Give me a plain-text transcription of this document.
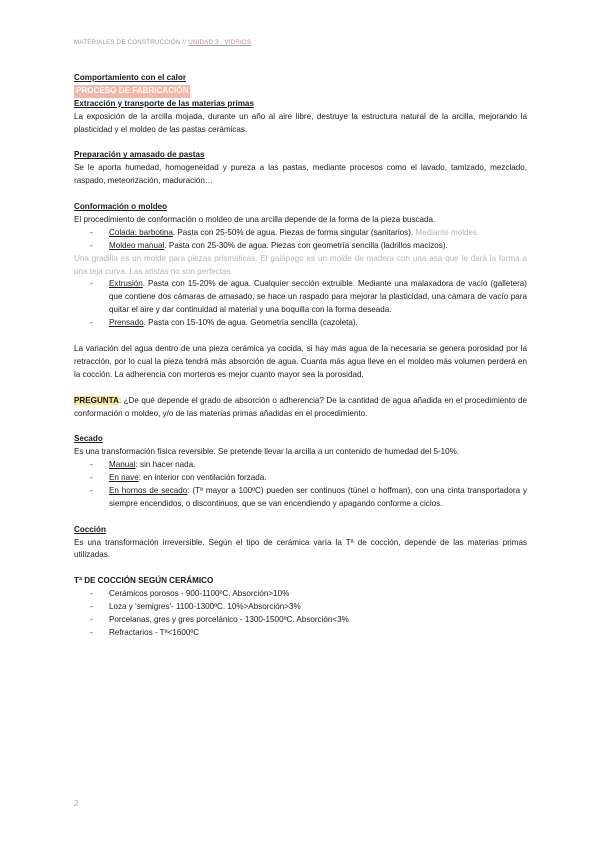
MATERIALES DE CONSTRUCCIÓN // UNIDAD 3 . VIDRIOS

Comportamiento con el calor

PROCESO DE FABRICACIÓN

Extracción y transporte de las materias primas

La exposición de la arcilla mojada, durante un año al aire libre, destruye la estructura natural de la arcilla, mejorando la plasticidad y el moldeo de las pastas cerámicas.

Preparación y amasado de pastas

Se le aporta humedad, homogeneidad y pureza a las pastas, mediante procesos como el lavado, tamizado, mezclado, raspado, meteorización, maduración…

Conformación o moldeo

El procedimiento de conformación o moldeo de una arcilla depende de la forma de la pieza buscada.

- Colada: barbotina. Pasta con 25-50% de agua. Piezas de forma singular (sanitarios). Mediante moldes.
- Moldeo manual. Pasta con 25-30% de agua. Piezas con geometría sencilla (ladrillos macizos).

Una gradilla es un molde para piezas prismáticas. El galápago es un molde de madera con una asa que le dará la forma a una teja curva. Las aristas no son perfectas.

- Extrusión. Pasta con 15-20% de agua. Cualquier sección extruible. Mediante una malaxadora de vacío (galletera) que contiene dos cámaras de amasado, se hace un raspado para mejorar la plasticidad, una cámara de vacío para quitar el aire y dar continuidad al material y una boquilla con la forma deseada.
- Prensado. Pasta con 15-10% de agua. Geometría sencilla (cazoleta).

La variación del agua dentro de una pieza cerámica ya cocida, si hay más agua de la necesaria se genera porosidad por la retracción, por lo cual la pieza tendrá más absorción de agua. Cuanta más agua lleve en el moldeo más volumen perderá en la cocción. La adherencia con morteros es mejor cuanto mayor sea la porosidad.

PREGUNTA: ¿De qué depende el grado de absorción o adherencia? De la cantidad de agua añadida en el procedimiento de conformación o moldeo, y/o de las materias primas añadidas en el procedimiento.

Secado

Es una transformación física reversible. Se pretende llevar la arcilla a un contenido de humedad del 5-10%.

- Manual: sin hacer nada.
- En nave: en interior con ventilación forzada.
- En hornos de secado: (Tª mayor a 100ºC) pueden ser continuos (túnel o hoffman), con una cinta transportadora y siempre encendidos, o discontinuos, que se van encendiendo y apagando conforme a ciclos.

Cocción

Es una transformación irreversible. Según el tipo de cerámica varía la Tª de cocción, depende de las materias primas utilizadas.

Tª DE COCCIÓN SEGÚN CERÁMICO

- Cerámicos porosos - 900-1100ºC. Absorción>10%
- Loza y 'semigres'- 1100-1300ºC. 10%>Absorción>3%
- Porcelanas, gres y gres porcelánico - 1300-1500ºC. Absorción<3%
- Refractarios - Tª<1600ºC
2
